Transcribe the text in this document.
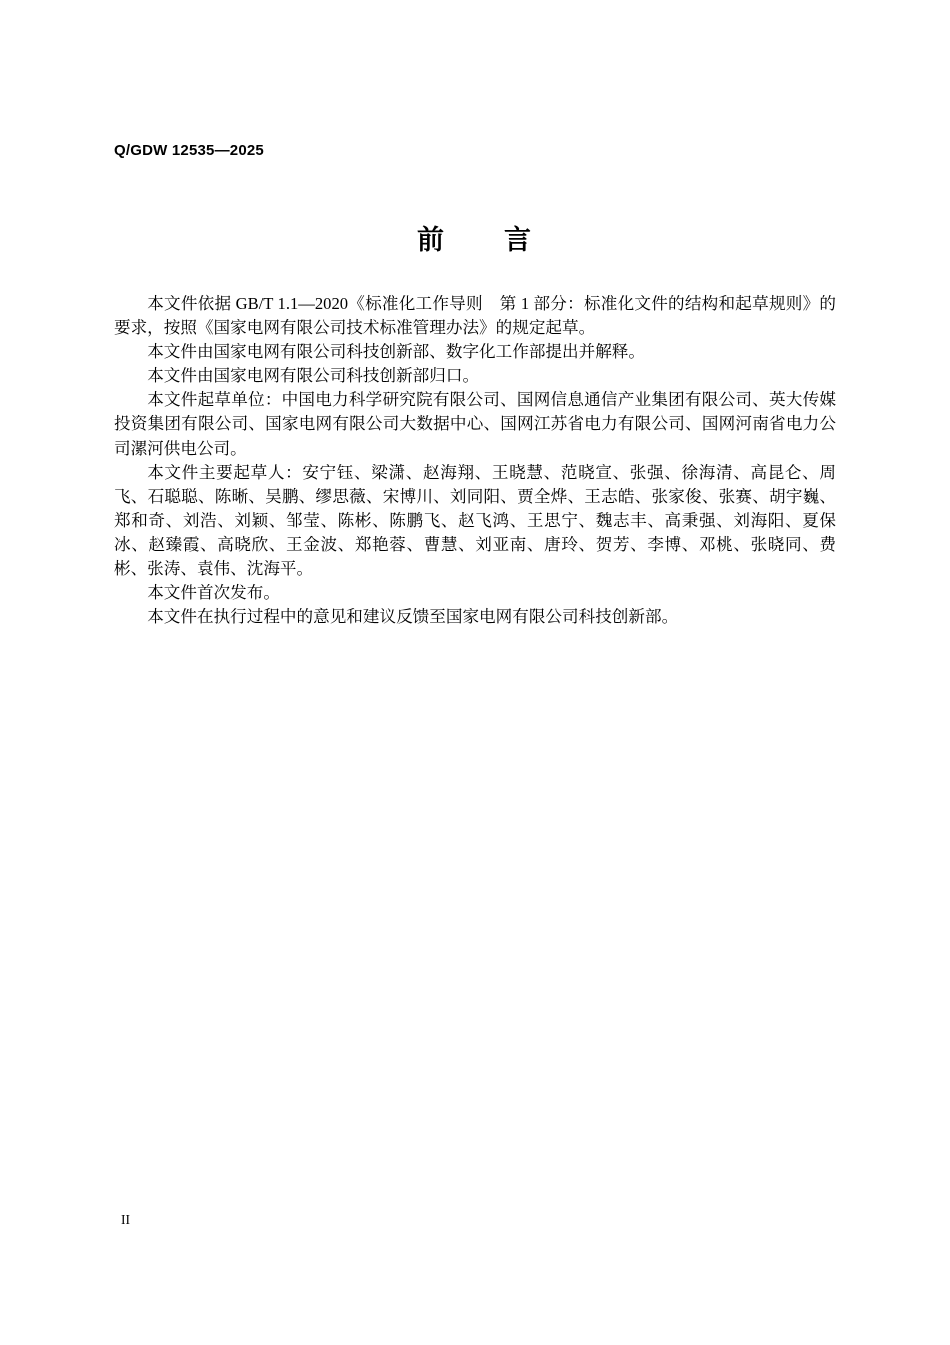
Q/GDW 12535—2025
前　　言

本文件依据 GB/T 1.1—2020《标准化工作导则　第 1 部分：标准化文件的结构和起草规则》的要求，按照《国家电网有限公司技术标准管理办法》的规定起草。

本文件由国家电网有限公司科技创新部、数字化工作部提出并解释。

本文件由国家电网有限公司科技创新部归口。

本文件起草单位：中国电力科学研究院有限公司、国网信息通信产业集团有限公司、英大传媒投资集团有限公司、国家电网有限公司大数据中心、国网江苏省电力有限公司、国网河南省电力公司漯河供电公司。

本文件主要起草人：安宁钰、梁潇、赵海翔、王晓慧、范晓宣、张强、徐海清、高昆仑、周飞、石聪聪、陈晰、吴鹏、缪思薇、宋博川、刘同阳、贾全烨、王志皓、张家俊、张赛、胡宇巍、郑和奇、刘浩、刘颖、邹莹、陈彬、陈鹏飞、赵飞鸿、王思宁、魏志丰、高秉强、刘海阳、夏保冰、赵臻霞、高晓欣、王金波、郑艳蓉、曹慧、刘亚南、唐玲、贺芳、李博、邓桃、张晓同、费彬、张涛、袁伟、沈海平。

本文件首次发布。

本文件在执行过程中的意见和建议反馈至国家电网有限公司科技创新部。

II
